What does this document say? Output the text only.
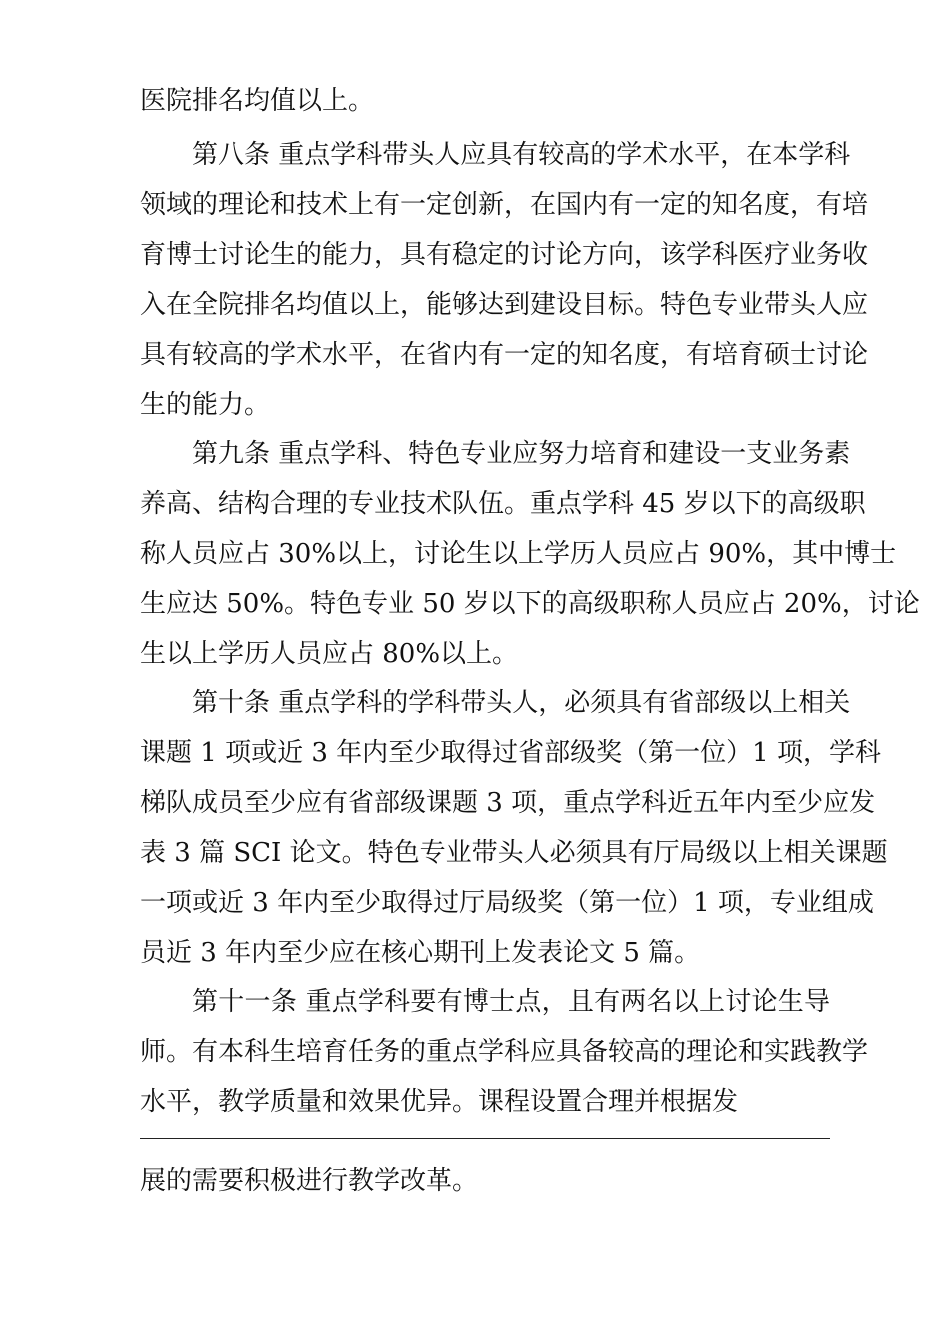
医院排名均值以上。
第八条 重点学科带头人应具有较高的学术水平，在本学科
领域的理论和技术上有一定创新，在国内有一定的知名度，有培
育博士讨论生的能力，具有稳定的讨论方向，该学科医疗业务收
入在全院排名均值以上，能够达到建设目标。特色专业带头人应
具有较高的学术水平，在省内有一定的知名度，有培育硕士讨论
生的能力。
第九条 重点学科、特色专业应努力培育和建设一支业务素
养高、结构合理的专业技术队伍。重点学科 45 岁以下的高级职
称人员应占 30%以上，讨论生以上学历人员应占 90%，其中博士
生应达 50%。特色专业 50 岁以下的高级职称人员应占 20%，讨论
生以上学历人员应占 80%以上。
第十条 重点学科的学科带头人，必须具有省部级以上相关
课题 1 项或近 3 年内至少取得过省部级奖（第一位）1 项，学科
梯队成员至少应有省部级课题 3 项，重点学科近五年内至少应发
表 3 篇 SCI 论文。特色专业带头人必须具有厅局级以上相关课题
一项或近 3 年内至少取得过厅局级奖（第一位）1 项，专业组成
员近 3 年内至少应在核心期刊上发表论文 5 篇。
第十一条 重点学科要有博士点，且有两名以上讨论生导
师。有本科生培育任务的重点学科应具备较高的理论和实践教学
水平，教学质量和效果优异。课程设置合理并根据发
展的需要积极进行教学改革。
